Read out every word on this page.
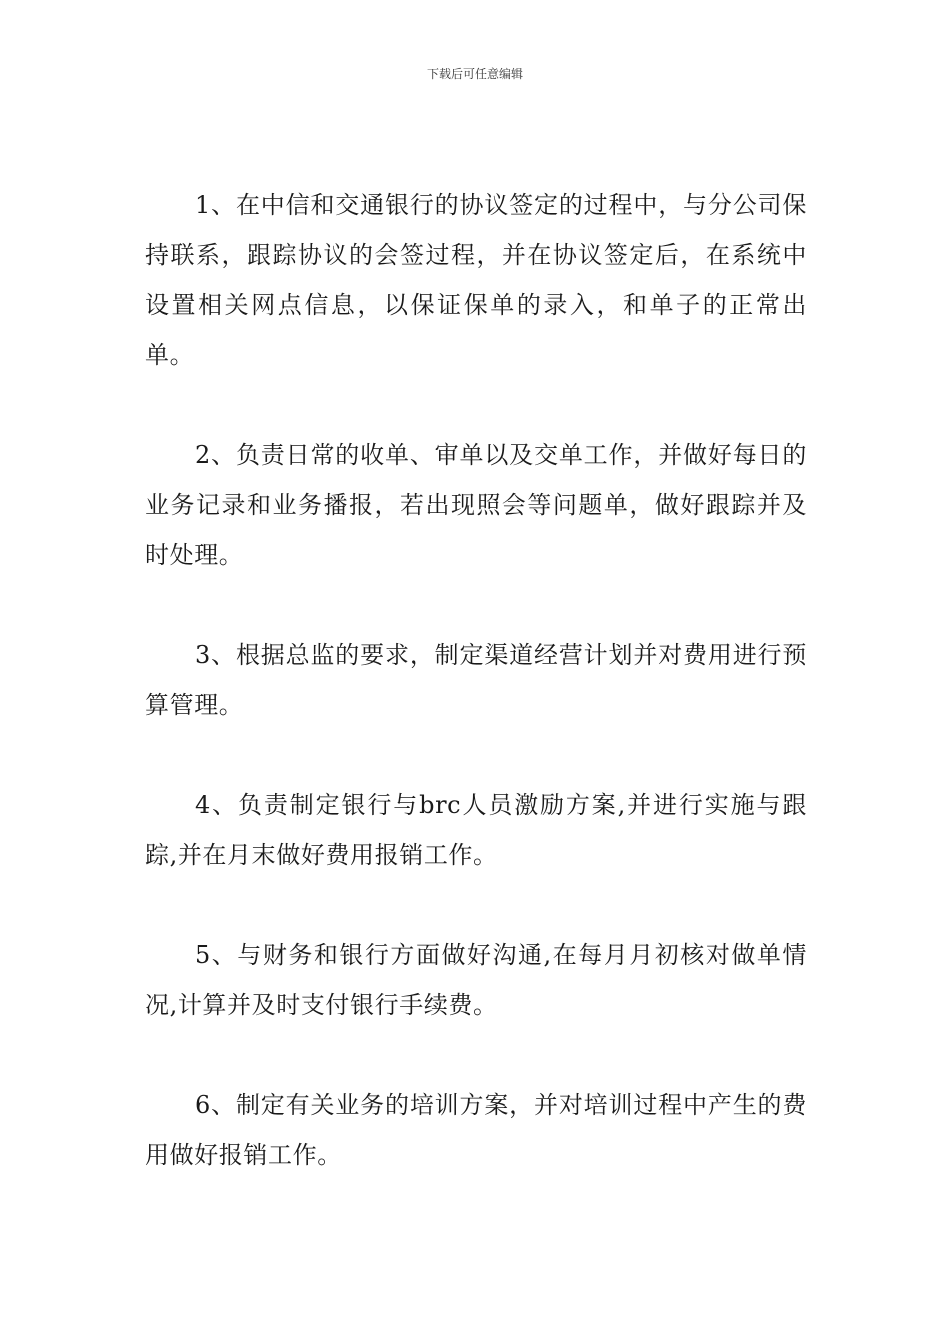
下载后可任意编辑

1、在中信和交通银行的协议签定的过程中，与分公司保持联系，跟踪协议的会签过程，并在协议签定后，在系统中设置相关网点信息，以保证保单的录入，和单子的正常出单。

2、负责日常的收单、审单以及交单工作，并做好每日的业务记录和业务播报，若出现照会等问题单，做好跟踪并及时处理。

3、根据总监的要求，制定渠道经营计划并对费用进行预算管理。

4、负责制定银行与brc人员激励方案,并进行实施与跟踪,并在月末做好费用报销工作。

5、与财务和银行方面做好沟通,在每月月初核对做单情况,计算并及时支付银行手续费。

6、制定有关业务的培训方案，并对培训过程中产生的费用做好报销工作。
